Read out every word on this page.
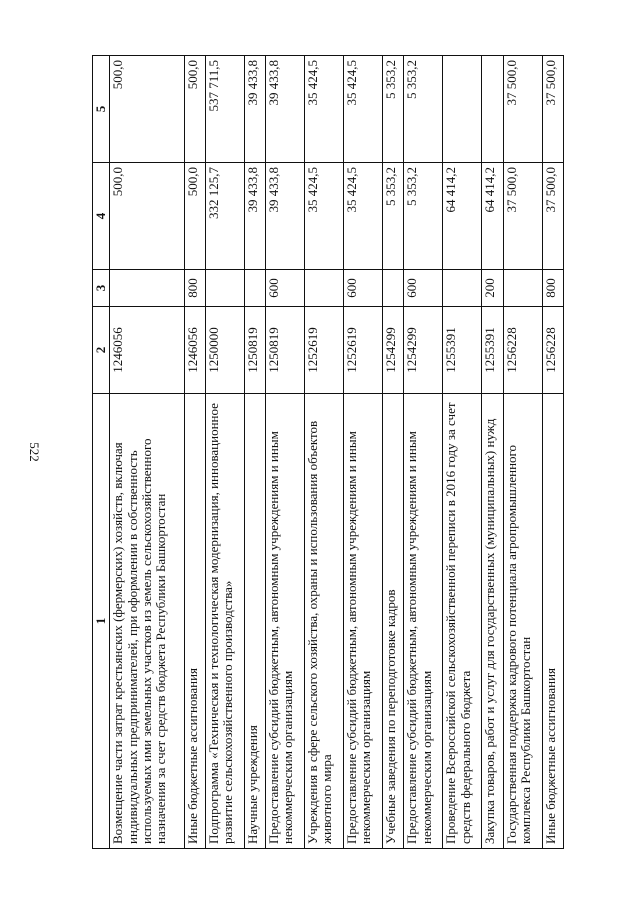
522
1	2	3	4	5
Возмещение части затрат крестьянских (фермерских) хозяйств, включая индивидуальных предпринимателей, при оформлении в собственность используемых ими земельных участков из земель сельскохозяйственного назначения за счет средств бюджета Республики Башкортостан	1246056		500,0	500,0
Иные бюджетные ассигнования	1246056	800	500,0	500,0
Подпрограмма «Техническая и технологическая модернизация, инновационное развитие сельскохозяйственного производства»	1250000		332 125,7	537 711,5
Научные учреждения	1250819		39 433,8	39 433,8
Предоставление субсидий бюджетным, автономным учреждениям и иным некоммерческим организациям	1250819	600	39 433,8	39 433,8
Учреждения в сфере сельского хозяйства, охраны и использования объектов животного мира	1252619		35 424,5	35 424,5
Предоставление субсидий бюджетным, автономным учреждениям и иным некоммерческим организациям	1252619	600	35 424,5	35 424,5
Учебные заведения по переподготовке кадров	1254299		5 353,2	5 353,2
Предоставление субсидий бюджетным, автономным учреждениям и иным некоммерческим организациям	1254299	600	5 353,2	5 353,2
Проведение Всероссийской сельскохозяйственной переписи в 2016 году за счет средств федерального бюджета	1255391		64 414,2	
Закупка товаров, работ и услуг для государственных (муниципальных) нужд	1255391	200	64 414,2	
Государственная поддержка кадрового потенциала агропромышленного комплекса Республики Башкортостан	1256228		37 500,0	37 500,0
Иные бюджетные ассигнования	1256228	800	37 500,0	37 500,0
